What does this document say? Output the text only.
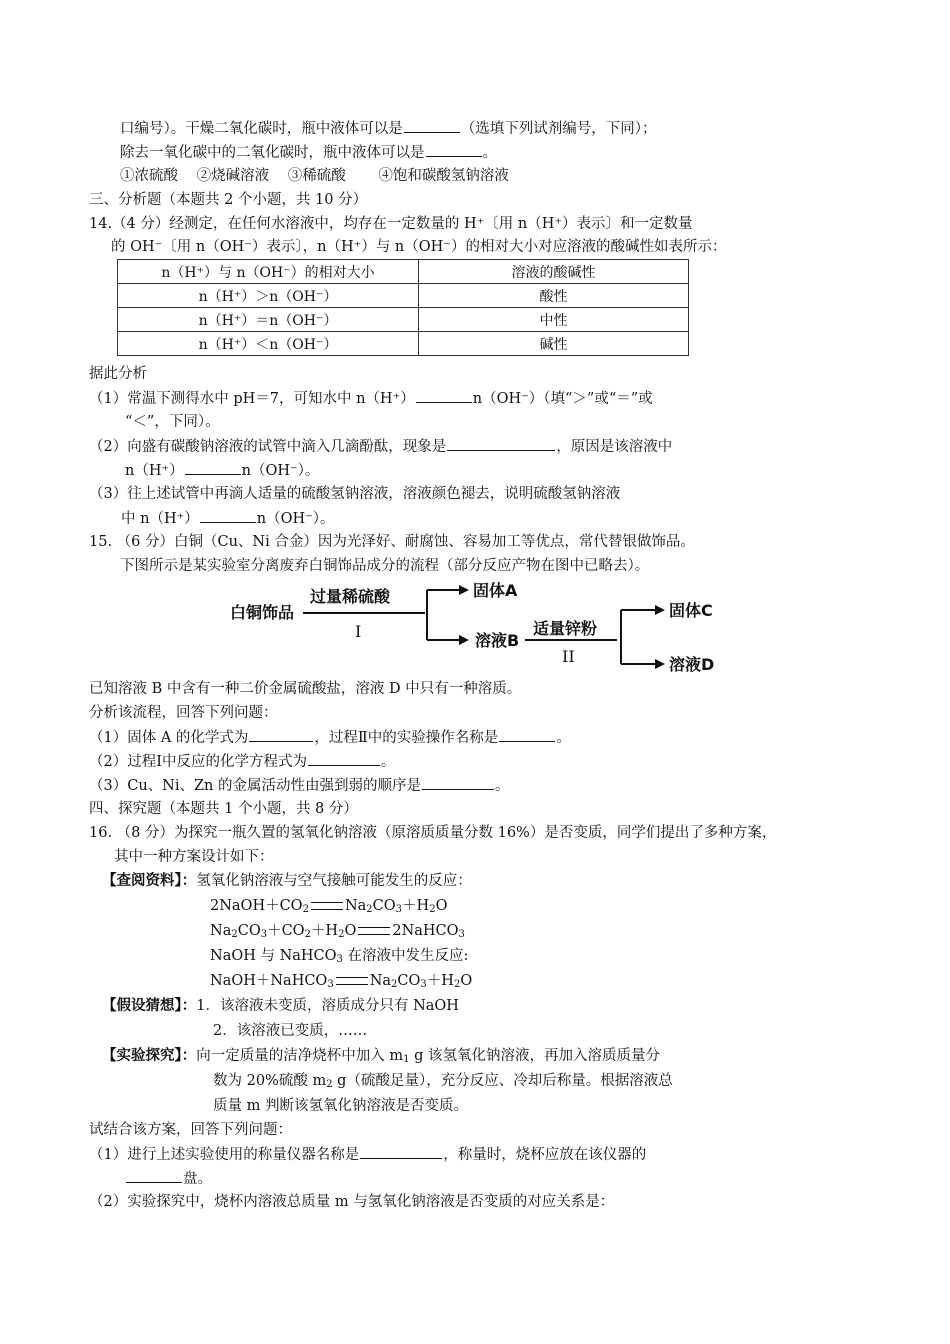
口编号）。干燥二氧化碳时，瓶中液体可以是	（选填下列试剂编号，下同）；
除去一氧化碳中的二氧化碳时，瓶中液体可以是	。
①浓硫酸 ②烧碱溶液 ③稀硫酸 ④饱和碳酸氢钠溶液
三、分析题（本题共 2 个小题，共 10 分）
14.（4 分）经测定，在任何水溶液中，均存在一定数量的 H⁺〔用 n（H⁺）表示〕和一定数量
的 OH⁻〔用 n（OH⁻）表示〕，n（H⁺）与 n（OH⁻）的相对大小对应溶液的酸碱性如表所示：
n（H⁺）与 n（OH⁻）的相对大小	溶液的酸碱性
n（H⁺）＞n（OH⁻）	酸性
n（H⁺）＝n（OH⁻）	中性
n（H⁺）＜n（OH⁻）	碱性
据此分析
（1）常温下测得水中 pH＝7，可知水中 n（H⁺）	n（OH⁻）（填“＞”或“＝”或
“＜”，下同）。
（2）向盛有碳酸钠溶液的试管中滴入几滴酚酞，现象是	，原因是该溶液中
n（H⁺）	n（OH⁻）。
（3）往上述试管中再滴人适量的硫酸氢钠溶液，溶液颜色褪去，说明硫酸氢钠溶液
中 n（H⁺）	n（OH⁻）。
15. （6 分）白铜（Cu、Ni 合金）因为光泽好、耐腐蚀、容易加工等优点，常代替银做饰品。
下图所示是某实验室分离废弃白铜饰品成分的流程（部分反应产物在图中已略去）。
白铜饰品
过量稀硫酸
I
固体A
溶液B
适量锌粉
II
固体C
溶液D
已知溶液 B 中含有一种二价金属硫酸盐，溶液 D 中只有一种溶质。
分析该流程，回答下列问题：
（1）固体 A 的化学式为	，过程Ⅱ中的实验操作名称是	。
（2）过程Ⅰ中反应的化学方程式为	。
（3）Cu、Ni、Zn 的金属活动性由强到弱的顺序是	。
四、探究题（本题共 1 个小题，共 8 分）
16. （8 分）为探究一瓶久置的氢氧化钠溶液（原溶质质量分数 16%）是否变质，同学们提出了多种方案，
其中一种方案设计如下：
【查阅资料】：氢氧化钠溶液与空气接触可能发生的反应：
$2NaOH+CO_2$ $Na_2CO_3+H_2O$
$Na_2CO_3+CO_2+H_2O$ 2NaHCO$_3$
NaOH 与 NaHCO$_3$ 在溶液中发生反应:
NaOH＋NaHCO$_3$ $Na_2CO_3+H_2O$
【假设猜想】：1．该溶液未变质，溶质成分只有 NaOH
2．该溶液已变质，……
【实验探究】：向一定质量的洁净烧杯中加入 $m_1$ g 该氢氧化钠溶液，再加入溶质质量分
数为 20%硫酸 $m_2$ g（硫酸足量），充分反应、冷却后称量。根据溶液总
质量 m 判断该氢氧化钠溶液是否变质。
试结合该方案，回答下列问题：
（1）进行上述实验使用的称量仪器名称是	，称量时，烧杯应放在该仪器的
盘。
（2）实验探究中，烧杯内溶液总质量 m 与氢氧化钠溶液是否变质的对应关系是：
